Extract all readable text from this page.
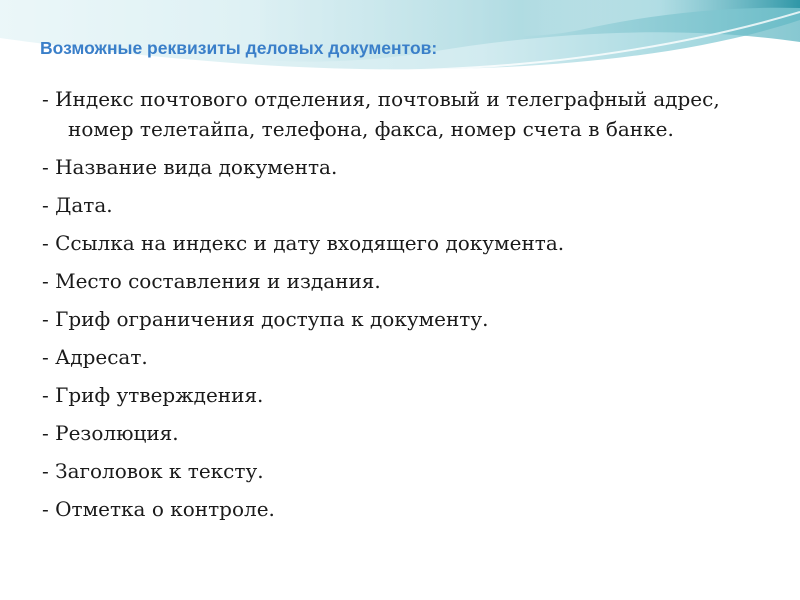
Возможные реквизиты деловых документов:
- Индекс почтового отделения, почтовый и телеграфный адрес, номер телетайпа, телефона, факса, номер счета в банке.
- Название вида документа.
- Дата.
- Ссылка на индекс и дату входящего документа.
- Место составления и издания.
- Гриф ограничения доступа к документу.
- Адресат.
- Гриф утверждения.
- Резолюция.
- Заголовок к тексту.
- Отметка о контроле.
